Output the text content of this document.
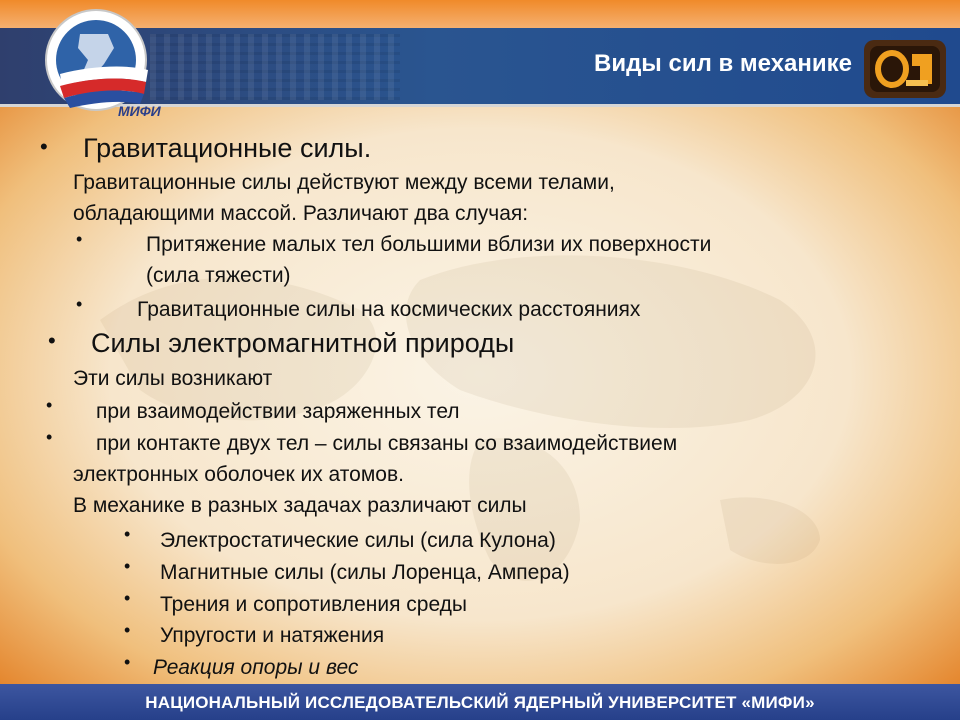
МИФИ
Виды сил в механике
• Гравитационные силы.
Гравитационные силы действуют между всеми телами,
обладающими массой. Различают два случая:
•	Притяжение малых тел большими вблизи их поверхности
(сила тяжести)
•	Гравитационные силы на космических расстояниях
• Силы электромагнитной природы
Эти силы возникают
• при взаимодействии заряженных тел
• при контакте двух тел – силы связаны со взаимодействием
электронных оболочек их атомов.
В механике в разных задачах различают силы
• Электростатические силы (сила Кулона)
• Магнитные силы (силы Лоренца, Ампера)
• Трения и сопротивления среды
• Упругости и натяжения
• Реакция опоры и вес
НАЦИОНАЛЬНЫЙ ИССЛЕДОВАТЕЛЬСКИЙ ЯДЕРНЫЙ УНИВЕРСИТЕТ «МИФИ»
